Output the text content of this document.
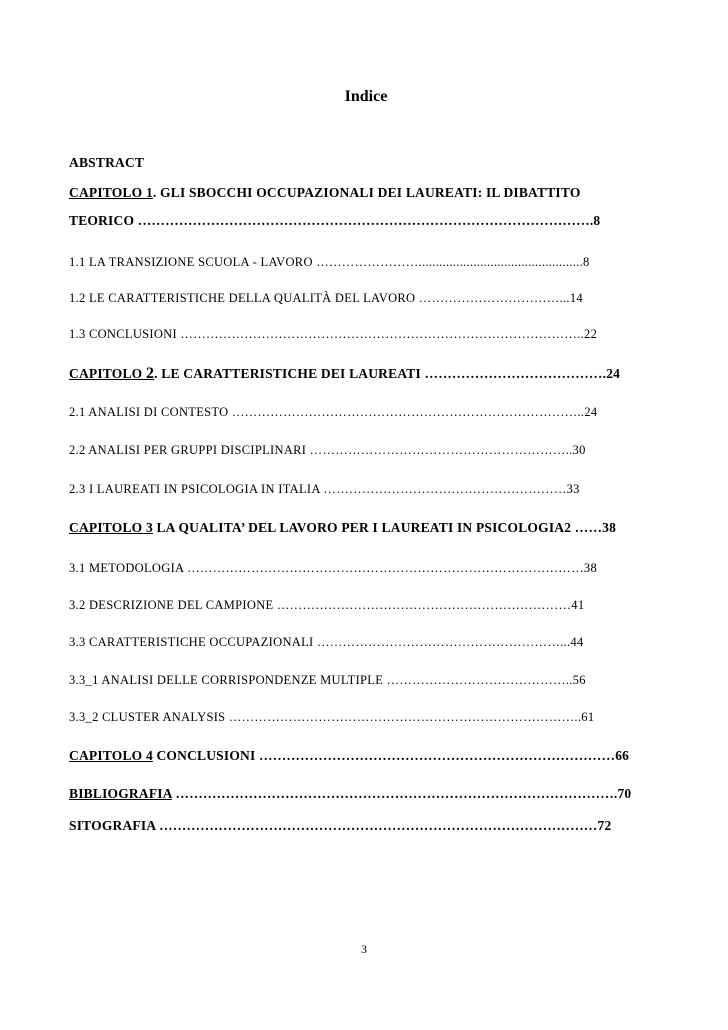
Indice
ABSTRACT
CAPITOLO 1. GLI SBOCCHI OCCUPAZIONALI DEI LAUREATI: IL DIBATTITO
TEORICO ……………………………………………………………………………………….8
1.1 LA TRANSIZIONE SCUOLA - LAVORO ……………………................................................8
1.2 LE CARATTERISTICHE DELLA QUALITÀ DEL LAVORO ……………………………...14
1.3 CONCLUSIONI …………………………………………………………………………………..22
CAPITOLO 2. LE CARATTERISTICHE DEI LAUREATI ………………………………….24
2.1 ANALISI DI CONTESTO ………………………………………………………………………..24
2.2 ANALISI PER GRUPPI DISCIPLINARI ……………………………………………………..30
2.3 I LAUREATI IN PSICOLOGIA IN ITALIA …………………………………………………33
CAPITOLO 3 LA QUALITA’ DEL LAVORO PER I LAUREATI IN PSICOLOGIA2 ……38
3.1 METODOLOGIA …………………………………………………………………………………38
3.2 DESCRIZIONE DEL CAMPIONE ……………………………………………………………41
3.3 CARATTERISTICHE OCCUPAZIONALI …………………………………………………...44
3.3_1 ANALISI DELLE CORRISPONDENZE MULTIPLE ……………………………………..56
3.3_2 CLUSTER ANALYSIS ………………………………………………………………………..61
CAPITOLO 4 CONCLUSIONI ……………………………………………………………………66
BIBLIOGRAFIA …………………………………………………………………………………….70
SITOGRAFIA ……………………………………………………………………………………72
3
